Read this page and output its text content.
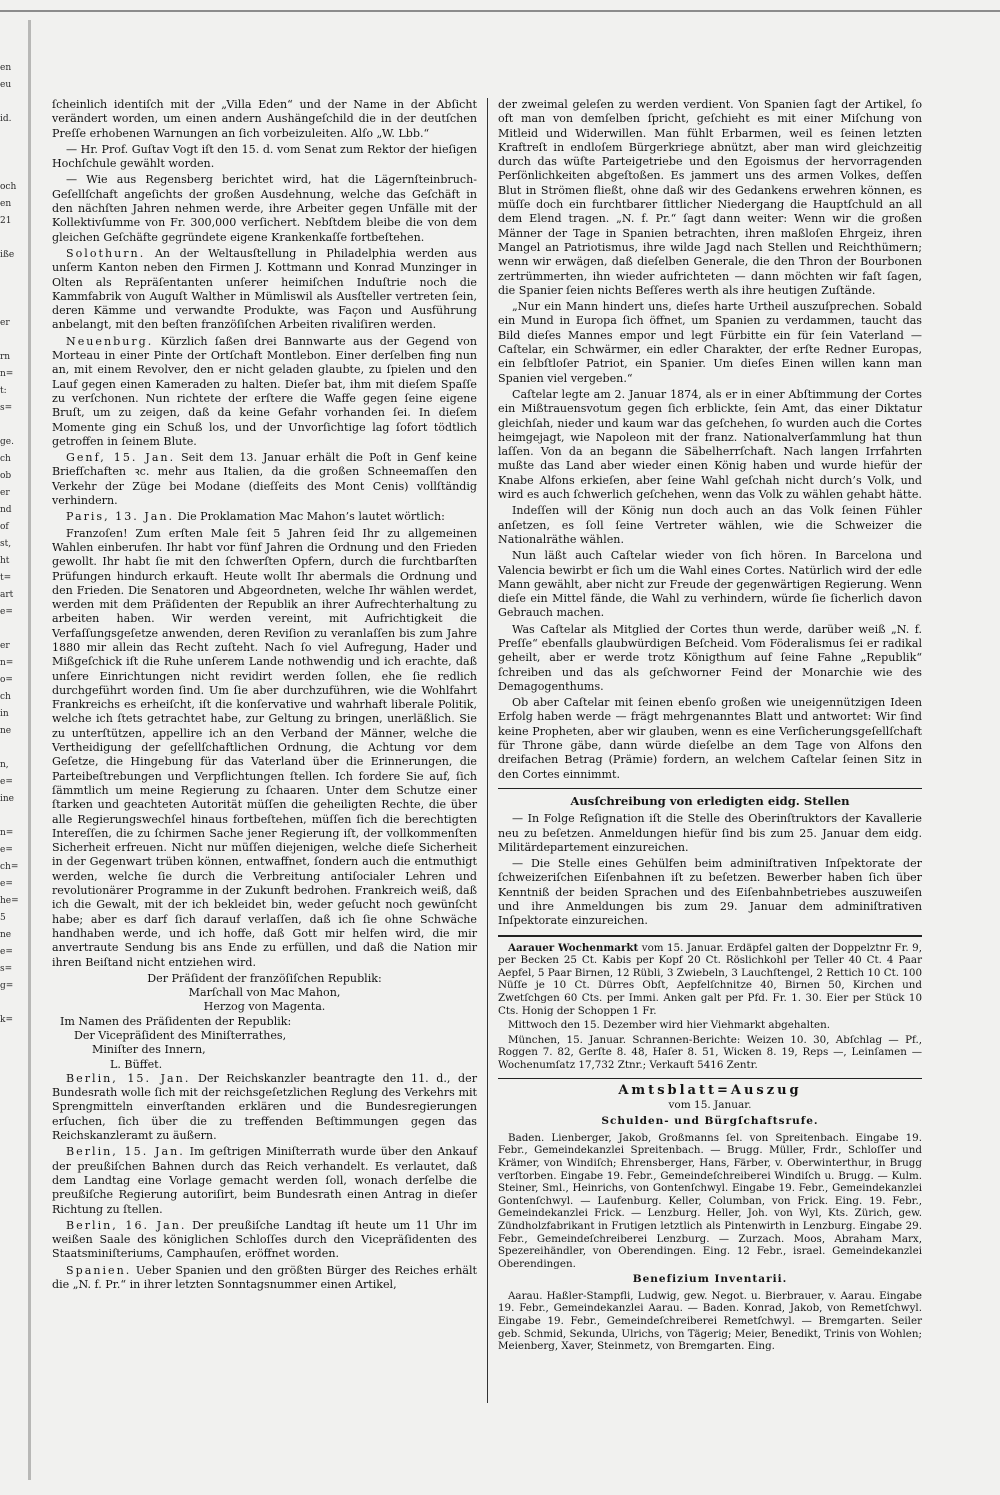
en
eu

id.

och
en
21

iße

er

rn
n=
t:
s=

ge.
ch
ob
er
nd
of
st,
ht
t=
art
e=

er
n=
o=
ch
in
ne

n,
e=
ine

n=
e=
ch=
e=
he=
5
ne
e=
s=
g=

k=

ſcheinlich identiſch mit der „Villa Eden“ und der Name in der Abſicht verändert worden, um einen andern Aushängeſchild die in der deutſchen Preſſe erhobenen Warnungen an ſich vorbeizuleiten. Alſo „W. Lbb.“

— Hr. Prof. Guſtav Vogt iſt den 15. d. vom Senat zum Rektor der hieſigen Hochſchule gewählt worden.

— Wie aus Regensberg berichtet wird, hat die Lägernſteinbruch-Geſellſchaft angeſichts der großen Ausdehnung, welche das Geſchäft in den nächſten Jahren nehmen werde, ihre Arbeiter gegen Unfälle mit der Kollektivſumme von Fr. 300,000 verſichert. Nebſtdem bleibe die von dem gleichen Geſchäfte gegründete eigene Krankenkaſſe fortbeſtehen.

Solothurn. An der Weltausſtellung in Philadelphia werden aus unſerm Kanton neben den Firmen J. Kottmann und Konrad Munzinger in Olten als Repräſentanten unſerer heimiſchen Induſtrie noch die Kammfabrik von Auguſt Walther in Mümliswil als Ausſteller vertreten ſein, deren Kämme und verwandte Produkte, was Façon und Ausführung anbelangt, mit den beſten franzöſiſchen Arbeiten rivaliſiren werden.

Neuenburg. Kürzlich ſaßen drei Bannwarte aus der Gegend von Morteau in einer Pinte der Ortſchaft Montlebon. Einer derſelben fing nun an, mit einem Revolver, den er nicht geladen glaubte, zu ſpielen und den Lauf gegen einen Kameraden zu halten. Dieſer bat, ihm mit dieſem Spaſſe zu verſchonen. Nun richtete der erſtere die Waffe gegen ſeine eigene Bruſt, um zu zeigen, daß da keine Gefahr vorhanden ſei. In dieſem Momente ging ein Schuß los, und der Unvorſichtige lag ſofort tödtlich getroffen in ſeinem Blute.

Genf, 15. Jan. Seit dem 13. Januar erhält die Poſt in Genf keine Briefſchaften ꝛc. mehr aus Italien, da die großen Schneemaſſen den Verkehr der Züge bei Modane (dieſſeits des Mont Cenis) vollſtändig verhindern.

Paris, 13. Jan. Die Proklamation Mac Mahon’s lautet wörtlich:

Franzoſen! Zum erſten Male ſeit 5 Jahren ſeid Ihr zu allgemeinen Wahlen einberufen. Ihr habt vor fünf Jahren die Ordnung und den Frieden gewollt. Ihr habt ſie mit den ſchwerſten Opfern, durch die furchtbarſten Prüfungen hindurch erkauft. Heute wollt Ihr abermals die Ordnung und den Frieden. Die Senatoren und Abgeordneten, welche Ihr wählen werdet, werden mit dem Präſidenten der Republik an ihrer Aufrechterhaltung zu arbeiten haben. Wir werden vereint, mit Aufrichtigkeit die Verfaſſungsgeſetze anwenden, deren Reviſion zu veranlaſſen bis zum Jahre 1880 mir allein das Recht zuſteht. Nach ſo viel Aufregung, Hader und Mißgeſchick iſt die Ruhe unſerem Lande nothwendig und ich erachte, daß unſere Einrichtungen nicht revidirt werden ſollen, ehe ſie redlich durchgeführt worden ſind. Um ſie aber durchzuführen, wie die Wohlfahrt Frankreichs es erheiſcht, iſt die konſervative und wahrhaft liberale Politik, welche ich ſtets getrachtet habe, zur Geltung zu bringen, unerläßlich. Sie zu unterſtützen, appellire ich an den Verband der Männer, welche die Vertheidigung der geſellſchaftlichen Ordnung, die Achtung vor dem Geſetze, die Hingebung für das Vaterland über die Erinnerungen, die Parteibeſtrebungen und Verpflichtungen ſtellen. Ich fordere Sie auf, ſich ſämmtlich um meine Regierung zu ſchaaren. Unter dem Schutze einer ſtarken und geachteten Autorität müſſen die geheiligten Rechte, die über alle Regierungswechſel hinaus fortbeſtehen, müſſen ſich die berechtigten Intereſſen, die zu ſchirmen Sache jener Regierung iſt, der vollkommenſten Sicherheit erfreuen. Nicht nur müſſen diejenigen, welche dieſe Sicherheit in der Gegenwart trüben können, entwaffnet, ſondern auch die entmuthigt werden, welche ſie durch die Verbreitung antiſocialer Lehren und revolutionärer Programme in der Zukunft bedrohen. Frankreich weiß, daß ich die Gewalt, mit der ich bekleidet bin, weder geſucht noch gewünſcht habe; aber es darf ſich darauf verlaſſen, daß ich ſie ohne Schwäche handhaben werde, und ich hoffe, daß Gott mir helfen wird, die mir anvertraute Sendung bis ans Ende zu erfüllen, und daß die Nation mir ihren Beiſtand nicht entziehen wird.

Der Präſident der franzöſiſchen Republik:

Marſchall von Mac Mahon,

Herzog von Magenta.

Im Namen des Präſidenten der Republik:

Der Vicepräſident des Miniſterrathes,

Miniſter des Innern,

L. Büffet.

Berlin, 15. Jan. Der Reichskanzler beantragte den 11. d., der Bundesrath wolle ſich mit der reichsgeſetzlichen Reglung des Verkehrs mit Sprengmitteln einverſtanden erklären und die Bundesregierungen erſuchen, ſich über die zu treffenden Beſtimmungen gegen das Reichskanzleramt zu äußern.

Berlin, 15. Jan. Im geſtrigen Miniſterrath wurde über den Ankauf der preußiſchen Bahnen durch das Reich verhandelt. Es verlautet, daß dem Landtag eine Vorlage gemacht werden ſoll, wonach derſelbe die preußiſche Regierung autoriſirt, beim Bundesrath einen Antrag in dieſer Richtung zu ſtellen.

Berlin, 16. Jan. Der preußiſche Landtag iſt heute um 11 Uhr im weißen Saale des königlichen Schloſſes durch den Vicepräſidenten des Staatsminiſteriums, Camphauſen, eröffnet worden.

Spanien. Ueber Spanien und den größten Bürger des Reiches erhält die „N. f. Pr.“ in ihrer letzten Sonntagsnummer einen Artikel,

der zweimal geleſen zu werden verdient. Von Spanien ſagt der Artikel, ſo oft man von demſelben ſpricht, geſchieht es mit einer Miſchung von Mitleid und Widerwillen. Man fühlt Erbarmen, weil es ſeinen letzten Kraftreſt in endloſem Bürgerkriege abnützt, aber man wird gleichzeitig durch das wüſte Parteigetriebe und den Egoismus der hervorragenden Perſönlichkeiten abgeſtoßen. Es jammert uns des armen Volkes, deſſen Blut in Strömen fließt, ohne daß wir des Gedankens erwehren können, es müſſe doch ein furchtbarer ſittlicher Niedergang die Hauptſchuld an all dem Elend tragen. „N. f. Pr.“ ſagt dann weiter: Wenn wir die großen Männer der Tage in Spanien betrachten, ihren maßloſen Ehrgeiz, ihren Mangel an Patriotismus, ihre wilde Jagd nach Stellen und Reichthümern; wenn wir erwägen, daß dieſelben Generale, die den Thron der Bourbonen zertrümmerten, ihn wieder aufrichteten — dann möchten wir faſt ſagen, die Spanier ſeien nichts Beſſeres werth als ihre heutigen Zuſtände.

„Nur ein Mann hindert uns, dieſes harte Urtheil auszuſprechen. Sobald ein Mund in Europa ſich öffnet, um Spanien zu verdammen, taucht das Bild dieſes Mannes empor und legt Fürbitte ein für ſein Vaterland — Caſtelar, ein Schwärmer, ein edler Charakter, der erſte Redner Europas, ein ſelbſtloſer Patriot, ein Spanier. Um dieſes Einen willen kann man Spanien viel vergeben.“

Caſtelar legte am 2. Januar 1874, als er in einer Abſtimmung der Cortes ein Mißtrauensvotum gegen ſich erblickte, ſein Amt, das einer Diktatur gleichſah, nieder und kaum war das geſchehen, ſo wurden auch die Cortes heimgejagt, wie Napoleon mit der franz. Nationalverſammlung hat thun laſſen. Von da an begann die Säbelherrſchaft. Nach langen Irrfahrten mußte das Land aber wieder einen König haben und wurde hiefür der Knabe Alfons erkieſen, aber ſeine Wahl geſchah nicht durch’s Volk, und wird es auch ſchwerlich geſchehen, wenn das Volk zu wählen gehabt hätte.

Indeſſen will der König nun doch auch an das Volk ſeinen Fühler anſetzen, es ſoll ſeine Vertreter wählen, wie die Schweizer die Nationalräthe wählen.

Nun läßt auch Caſtelar wieder von ſich hören. In Barcelona und Valencia bewirbt er ſich um die Wahl eines Cortes. Natürlich wird der edle Mann gewählt, aber nicht zur Freude der gegenwärtigen Regierung. Wenn dieſe ein Mittel fände, die Wahl zu verhindern, würde ſie ſicherlich davon Gebrauch machen.

Was Caſtelar als Mitglied der Cortes thun werde, darüber weiß „N. f. Preſſe“ ebenfalls glaubwürdigen Beſcheid. Vom Föderalismus ſei er radikal geheilt, aber er werde trotz Königthum auf ſeine Fahne „Republik“ ſchreiben und das als geſchworner Feind der Monarchie wie des Demagogenthums.

Ob aber Caſtelar mit ſeinen ebenſo großen wie uneigennützigen Ideen Erfolg haben werde — frägt mehrgenanntes Blatt und antwortet: Wir ſind keine Propheten, aber wir glauben, wenn es eine Verſicherungsgeſellſchaft für Throne gäbe, dann würde dieſelbe an dem Tage von Alfons den dreifachen Betrag (Prämie) fordern, an welchem Caſtelar ſeinen Sitz in den Cortes einnimmt.

Ausſchreibung von erledigten eidg. Stellen

— In Folge Reſignation iſt die Stelle des Oberinſtruktors der Kavallerie neu zu beſetzen. Anmeldungen hiefür ſind bis zum 25. Januar dem eidg. Militärdepartement einzureichen.

— Die Stelle eines Gehülfen beim adminiſtrativen Inſpektorate der ſchweizeriſchen Eiſenbahnen iſt zu beſetzen. Bewerber haben ſich über Kenntniß der beiden Sprachen und des Eiſenbahnbetriebes auszuweiſen und ihre Anmeldungen bis zum 29. Januar dem adminiſtrativen Inſpektorate einzureichen.

Aarauer Wochenmarkt vom 15. Januar. Erdäpfel galten der Doppelztnr Fr. 9, per Becken 25 Ct. Kabis per Kopf 20 Ct. Röslichkohl per Teller 40 Ct. 4 Paar Aepfel, 5 Paar Birnen, 12 Rübli, 3 Zwiebeln, 3 Lauchſtengel, 2 Rettich 10 Ct. 100 Nüſſe je 10 Ct. Dürres Obſt, Aepfelſchnitze 40, Birnen 50, Kirchen und Zwetſchgen 60 Cts. per Immi. Anken galt per Pfd. Fr. 1. 30. Eier per Stück 10 Cts. Honig der Schoppen 1 Fr.

Mittwoch den 15. Dezember wird hier Viehmarkt abgehalten.

München, 15. Januar. Schrannen-Berichte: Weizen 10. 30, Abſchlag — Pf., Roggen 7. 82, Gerſte 8. 48, Haſer 8. 51, Wicken 8. 19, Reps —, Leinſamen — Wochenumſatz 17,732 Ztnr.; Verkauft 5416 Zentr.

Amtsblatt=Auszug

vom 15. Januar.

Schulden- und Bürgſchaftsrufe.

Baden. Lienberger, Jakob, Großmanns ſel. von Spreitenbach. Eingabe 19. Febr., Gemeindekanzlei Spreitenbach. — Brugg. Müller, Frdr., Schloſſer und Krämer, von Windiſch; Ehrensberger, Hans, Färber, v. Oberwinterthur, in Brugg verſtorben. Eingabe 19. Febr., Gemeindeſchreiberei Windiſch u. Brugg. — Kulm. Steiner, Sml., Heinrichs, von Gontenſchwyl. Eingabe 19. Febr., Gemeindekanzlei Gontenſchwyl. — Laufenburg. Keller, Columban, von Frick. Eing. 19. Febr., Gemeindekanzlei Frick. — Lenzburg. Heller, Joh. von Wyl, Kts. Zürich, gew. Zündholzfabrikant in Frutigen letztlich als Pintenwirth in Lenzburg. Eingabe 29. Febr., Gemeindeſchreiberei Lenzburg. — Zurzach. Moos, Abraham Marx, Spezereihändler, von Oberendingen. Eing. 12 Febr., israel. Gemeindekanzlei Oberendingen.

Benefizium Inventarii.

Aarau. Haßler-Stampfli, Ludwig, gew. Negot. u. Bierbrauer, v. Aarau. Eingabe 19. Febr., Gemeindekanzlei Aarau. — Baden. Konrad, Jakob, von Remetſchwyl. Eingabe 19. Febr., Gemeindeſchreiberei Remetſchwyl. — Bremgarten. Seiler geb. Schmid, Sekunda, Ulrichs, von Tägerig; Meier, Benedikt, Trinis von Wohlen; Meienberg, Xaver, Steinmetz, von Bremgarten. Eing.
